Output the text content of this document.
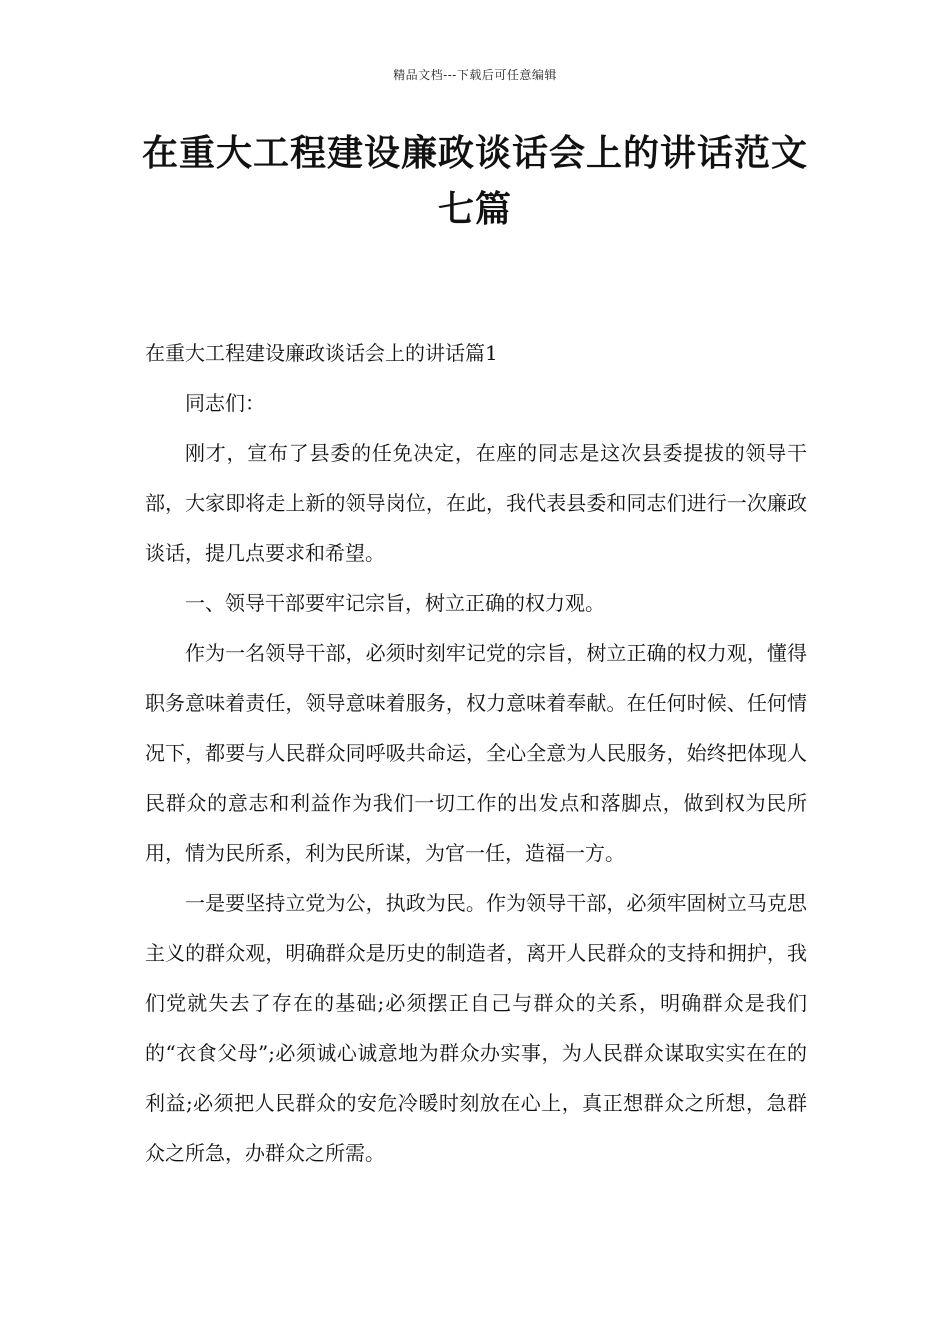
精品文档---下载后可任意编辑
在重大工程建设廉政谈话会上的讲话范文七篇

在重大工程建设廉政谈话会上的讲话篇1

同志们：

刚才，宣布了县委的任免决定，在座的同志是这次县委提拔的领导干部，大家即将走上新的领导岗位，在此，我代表县委和同志们进行一次廉政谈话，提几点要求和希望。

一、领导干部要牢记宗旨，树立正确的权力观。

作为一名领导干部，必须时刻牢记党的宗旨，树立正确的权力观，懂得职务意味着责任，领导意味着服务，权力意味着奉献。在任何时候、任何情况下，都要与人民群众同呼吸共命运，全心全意为人民服务，始终把体现人民群众的意志和利益作为我们一切工作的出发点和落脚点，做到权为民所用，情为民所系，利为民所谋，为官一任，造福一方。

一是要坚持立党为公，执政为民。作为领导干部，必须牢固树立马克思主义的群众观，明确群众是历史的制造者，离开人民群众的支持和拥护，我们党就失去了存在的基础;必须摆正自己与群众的关系，明确群众是我们的“衣食父母”;必须诚心诚意地为群众办实事，为人民群众谋取实实在在的利益;必须把人民群众的安危冷暖时刻放在心上，真正想群众之所想，急群众之所急，办群众之所需。
